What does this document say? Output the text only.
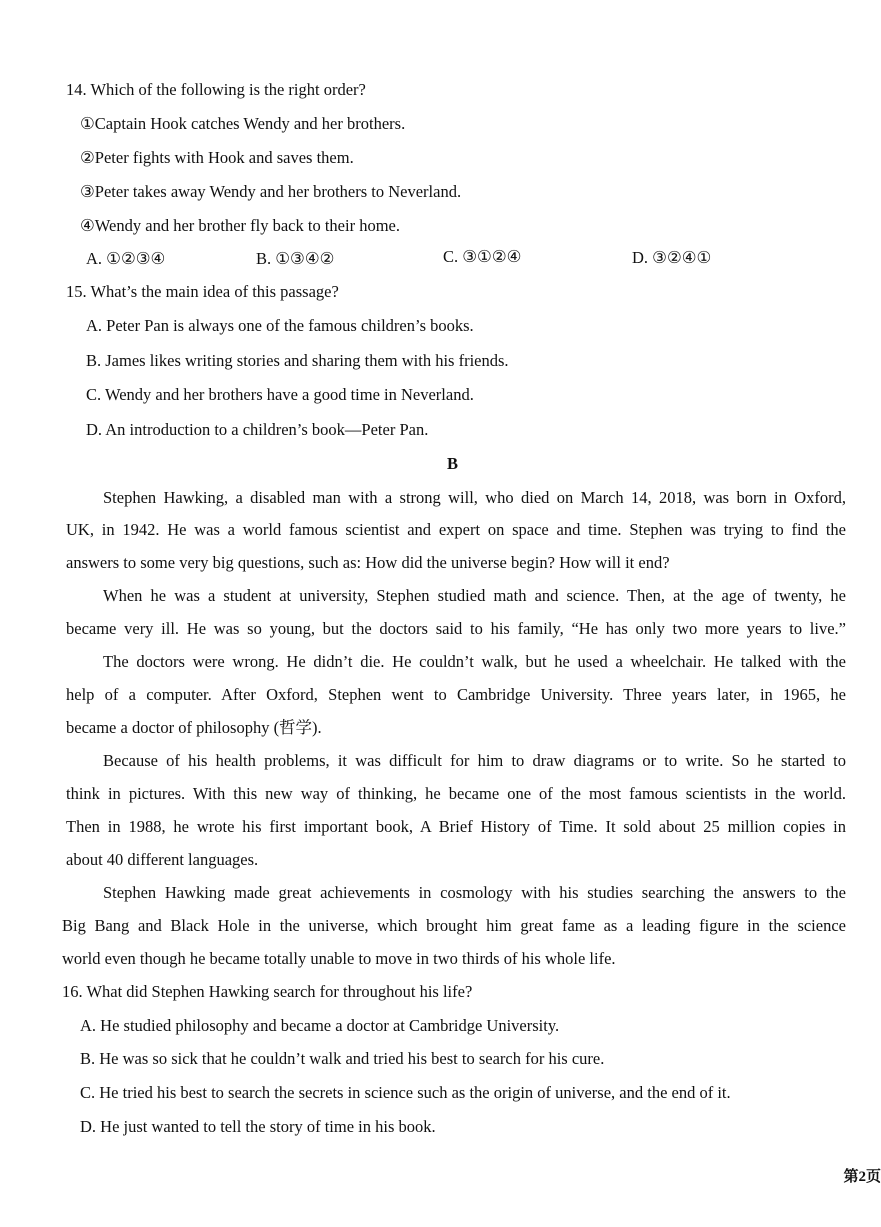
14. Which of the following is the right order?
①Captain Hook catches Wendy and her brothers.
②Peter fights with Hook and saves them.
③Peter takes away Wendy and her brothers to Neverland.
④Wendy and her brother fly back to their home.
A. ①②③④	B. ①③④②	C. ③①②④	D. ③②④①
15. What’s the main idea of this passage?
A. Peter Pan is always one of the famous children’s books.
B. James likes writing stories and sharing them with his friends.
C. Wendy and her brothers have a good time in Neverland.
D. An introduction to a children’s book—Peter Pan.
B
Stephen Hawking, a disabled man with a strong will, who died on March 14, 2018, was born in Oxford,
UK, in 1942. He was a world famous scientist and expert on space and time. Stephen was trying to find the
answers to some very big questions, such as: How did the universe begin? How will it end?
When he was a student at university, Stephen studied math and science. Then, at the age of twenty, he
became very ill. He was so young, but the doctors said to his family, “He has only two more years to live.”
The doctors were wrong. He didn’t die. He couldn’t walk, but he used a wheelchair. He talked with the
help of a computer. After Oxford, Stephen went to Cambridge University. Three years later, in 1965, he
became a doctor of philosophy (哲学).
Because of his health problems, it was difficult for him to draw diagrams or to write. So he started to
think in pictures. With this new way of thinking, he became one of the most famous scientists in the world.
Then in 1988, he wrote his first important book, A Brief History of Time. It sold about 25 million copies in
about 40 different languages.
Stephen Hawking made great achievements in cosmology with his studies searching the answers to the
Big Bang and Black Hole in the universe, which brought him great fame as a leading figure in the science
world even though he became totally unable to move in two thirds of his whole life.
16. What did Stephen Hawking search for throughout his life?
A. He studied philosophy and became a doctor at Cambridge University.
B. He was so sick that he couldn’t walk and tried his best to search for his cure.
C. He tried his best to search the secrets in science such as the origin of universe, and the end of it.
D. He just wanted to tell the story of time in his book.
第2页
